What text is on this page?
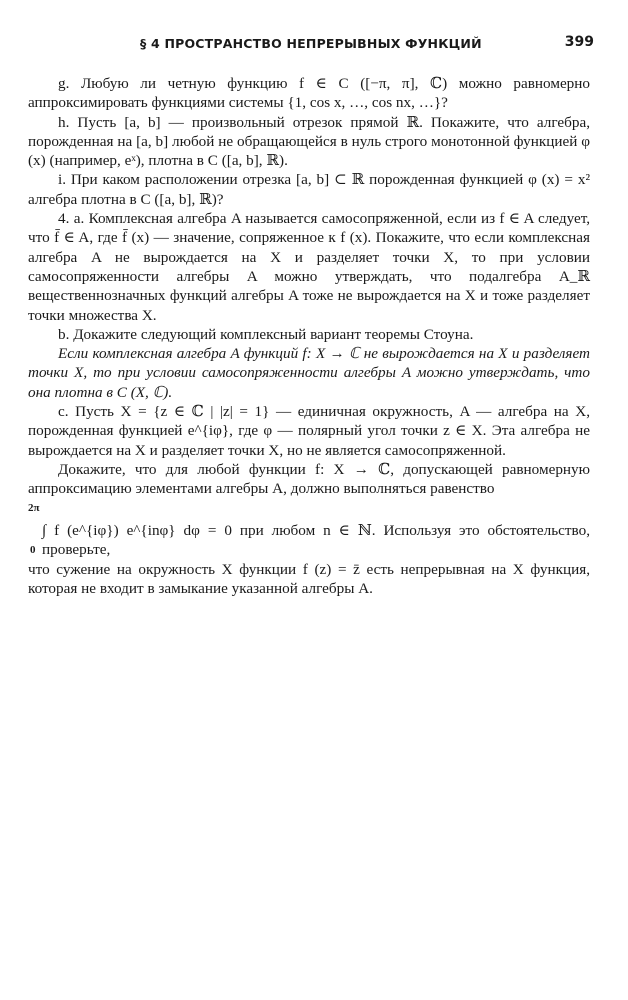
§ 4 ПРОСТРАНСТВО НЕПРЕРЫВНЫХ ФУНКЦИЙ	399

g. Любую ли четную функцию f ∈ C ([−π, π], ℂ) можно равномерно аппроксимировать функциями системы {1, cos x, …, cos nx, …}?

h. Пусть [a, b] — произвольный отрезок прямой ℝ. Покажите, что алгебра, порожденная на [a, b] любой не обращающейся в нуль строго монотонной функцией φ (x) (например, eˣ), плотна в C ([a, b], ℝ).

i. При каком расположении отрезка [a, b] ⊂ ℝ порожденная функцией φ (x) = x² алгебра плотна в C ([a, b], ℝ)?

4. а. Комплексная алгебра A называется самосопряженной, если из f ∈ A следует, что f̄ ∈ A, где f̄ (x) — значение, сопряженное к f (x). Покажите, что если комплексная алгебра A не вырождается на X и разделяет точки X, то при условии самосопряженности алгебры A можно утверждать, что подалгебра A_ℝ вещественнозначных функций алгебры A тоже не вырождается на X и тоже разделяет точки множества X.

b. Докажите следующий комплексный вариант теоремы Стоуна.

Если комплексная алгебра A функций f: X → ℂ не вырождается на X и разделяет точки X, то при условии самосопряженности алгебры A можно утверждать, что она плотна в C (X, ℂ).

c. Пусть X = {z ∈ ℂ | |z| = 1} — единичная окружность, A — алгебра на X, порожденная функцией e^{iφ}, где φ — полярный угол точки z ∈ X. Эта алгебра не вырождается на X и разделяет точки X, но не является самосопряженной.

Докажите, что для любой функции f: X → ℂ, допускающей равномерную аппроксимацию элементами алгебры A, должно выполняться равенство

2π
0
∫ f (e^{iφ}) e^{inφ} dφ = 0 при любом n ∈ ℕ. Используя это обстоятельство, проверьте,

что сужение на окружность X функции f (z) = z̄ есть непрерывная на X функция, которая не входит в замыкание указанной алгебры A.
